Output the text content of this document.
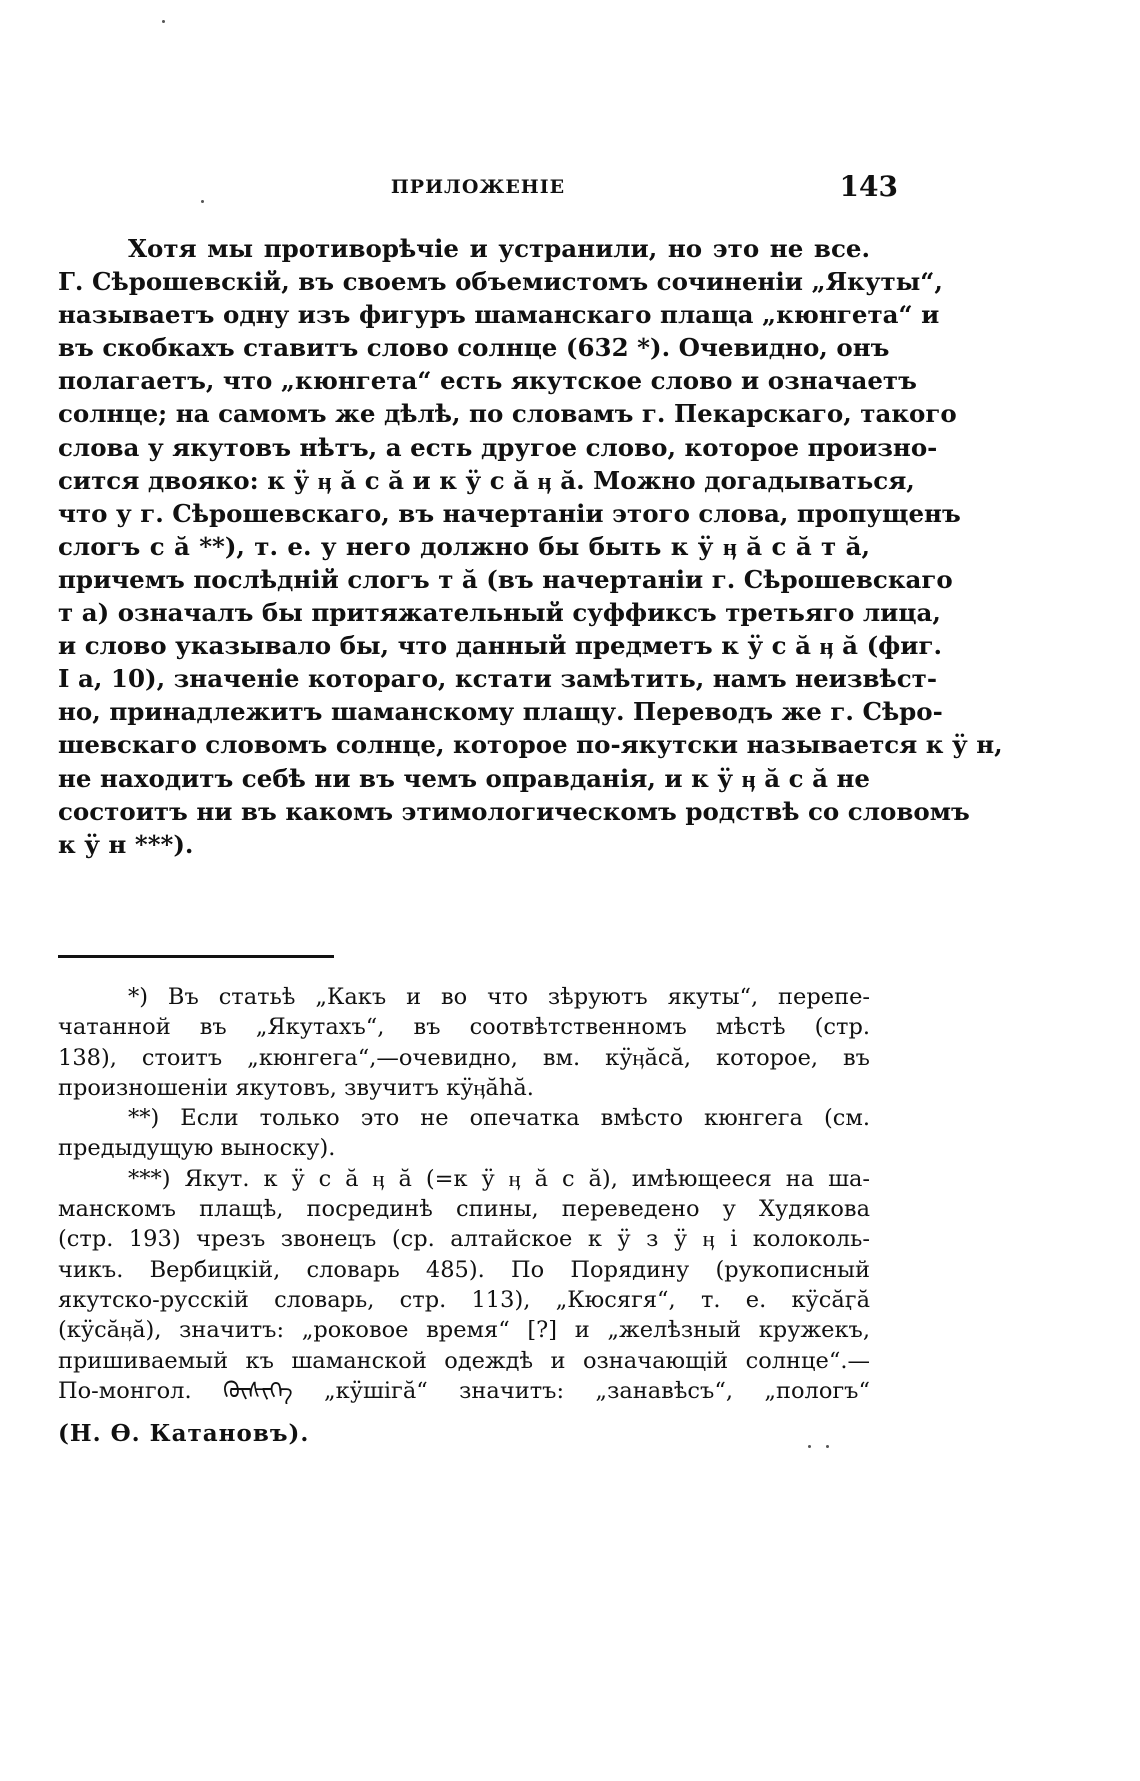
ПРИЛОЖЕНІЕ	143
Хотя мы противорѣчіе и устранили, но это не все.
Г. Сѣрошевскій, въ своемъ объемистомъ сочиненіи „Якуты“,
называетъ одну изъ фигуръ шаманскаго плаща „кюнгета“ и
въ скобкахъ ставитъ слово солнце (632 *). Очевидно, онъ
полагаетъ, что „кюнгета“ есть якутское слово и означаетъ
солнце; на самомъ же дѣлѣ, по словамъ г. Пекарскаго, такого
слова у якутовъ нѣтъ, а есть другое слово, которое произно-
сится двояко: к ӱ ӊ ӑ с ӑ и к ӱ с ӑ ӊ ӑ. Можно догадываться,
что у г. Сѣрошевскаго, въ начертаніи этого слова, пропущенъ
слогъ с ӑ **), т. е. у него должно бы быть к ӱ ӊ ӑ с ӑ т ӑ,
причемъ послѣдній слогъ т ӑ (въ начертаніи г. Сѣрошевскаго
т а) означалъ бы притяжательный суффиксъ третьяго лица,
и слово указывало бы, что данный предметъ к ӱ с ӑ ӊ ӑ (фиг.
I а, 10), значеніе котораго, кстати замѣтить, намъ неизвѣст-
но, принадлежитъ шаманскому плащу. Переводъ же г. Сѣро-
шевскаго словомъ солнце, которое по-якутски называется к ӱ н,
не находитъ себѣ ни въ чемъ оправданія, и к ӱ ӊ ӑ с ӑ не
состоитъ ни въ какомъ этимологическомъ родствѣ со словомъ
к ӱ н ***).
*) Въ статьѣ „Какъ и во что зѣруютъ якуты“, перепе-
чатанной въ „Якутахъ“, въ соотвѣтственномъ мѣстѣ (стр.
138), стоитъ „кюнгега“,—очевидно, вм. кӱӊӑсӑ, которое, въ
произношеніи якутовъ, звучитъ кӱӊӑhӑ.
**) Если только это не опечатка вмѣсто кюнгега (см.
предыдущую выноску).
***) Якут. к ӱ с ӑ ӊ ӑ (=к ӱ ӊ ӑ с ӑ), имѣющееся на ша-
манскомъ плащѣ, посрединѣ спины, переведено у Худякова
(стр. 193) чрезъ звонецъ (ср. алтайское к ӱ з ӱ ӊ і колоколь-
чикъ. Вербицкій, словарь 485). По Порядину (рукописный
якутско-русскій словарь, стр. 113), „Кюсягя“, т. е. кӱсӑӷӑ
(кӱсӑӊӑ), значитъ: „роковое время“ [?] и „желѣзный кружекъ,
пришиваемый къ шаманской одеждѣ и означающій солнце“.—
По-монгол. ᠬᠥᠰᠢᠭᠡ „кӱшігӑ“ значитъ: „занавѣсъ“, „пологъ“
(Н. Ѳ. Катановъ).
